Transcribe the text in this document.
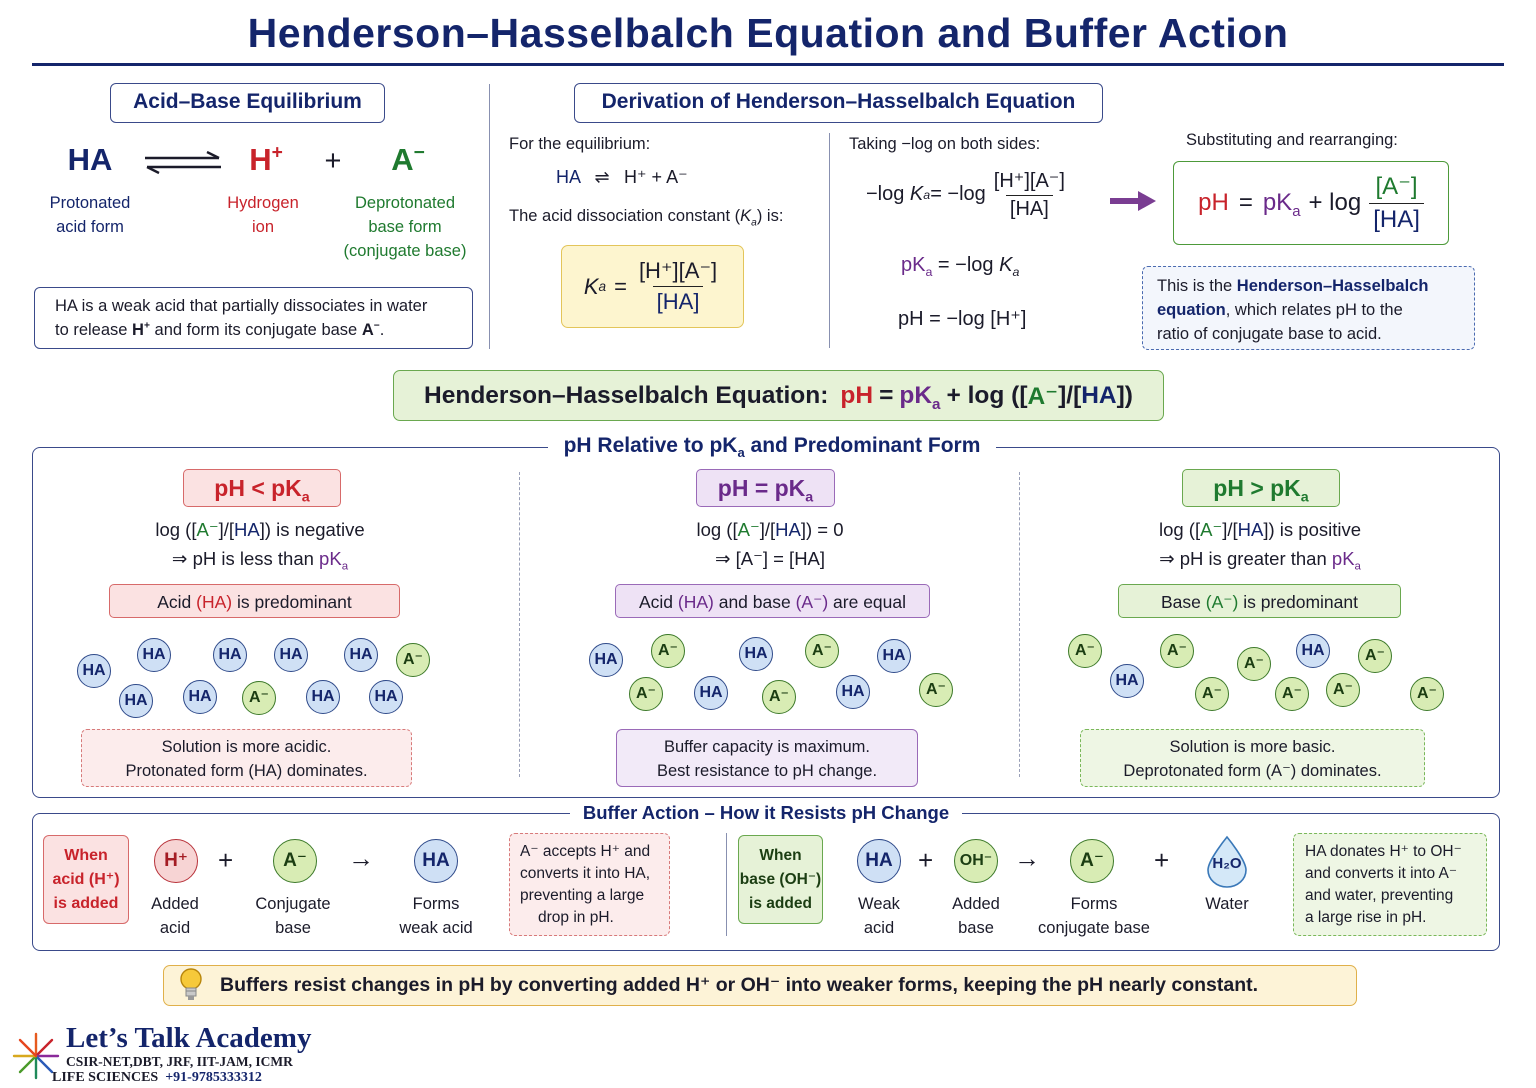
Henderson–Hasselbalch Equation and Buffer Action
Acid–Base Equilibrium
HA	H+	+	A−
Protonated
acid form
Hydrogen
ion
Deprotonated
base form
(conjugate base)
HA is a weak acid that partially dissociates in water
to release H+ and form its conjugate base A−.
Derivation of Henderson–Hasselbalch Equation
For the equilibrium:
HA ⇌ H⁺ + A⁻
The acid dissociation constant $(K_a)$ is:
K $a = \frac{[H^+][A^-]}{[HA]}$
Taking −log on both sides:
−log K $a = -\log \frac{[H^+][A^-]}{[HA]}$
$pK_a = -\log$ $K_a$
pH = −log [H⁺]
Substituting and rearranging:
pH = $pK_a + \log \frac{[A^-]}{[HA]}$
This is the Henderson–Hasselbalch
equation, which relates pH to the
ratio of conjugate base to acid.
Henderson–Hasselbalch Equation: pH = $pK_a + \log$ ([ A⁻ ]/[ HA ])
pH Relative to $pK_a$ and Predominant Form
pH < $pK_a$
log ([A⁻]/[HA]) is negative
⇒ pH is less than $pK_a$
Acid (HA) is predominant
Solution is more acidic.
Protonated form (HA) dominates.
pH = $pK_a$
log ([A⁻]/[HA]) = 0
⇒ [A⁻] = [HA]
Acid (HA) and base (A⁻) are equal
Buffer capacity is maximum.
Best resistance to pH change.
pH > $pK_a$
log ([A⁻]/[HA]) is positive
⇒ pH is greater than $pK_a$
Base (A⁻) is predominant
Solution is more basic.
Deprotonated form (A⁻) dominates.
HA
HA
HA	HA
HA	HA
A⁻	HA
HA
HA
A⁻	HA
A⁻
A⁻	HA
HA
A⁻
A⁻
HA
HA
A⁻
A⁻
HA
A⁻
A⁻
A⁻
A⁻
HA
A⁻
A⁻
A⁻
Buffer Action – How it Resists pH Change
When
acid (H⁺)
is added
H⁺	+	A⁻	→	HA
Added
acid
Conjugate
base
Forms
weak acid
A⁻ accepts H⁺ and
converts it into HA,
preventing a large
drop in pH.
When
base (OH⁻)
is added
HA +	OH⁻ →	A⁻	+	H₂O
Weak
acid
Added
base
Forms
conjugate base
Water
HA donates H⁺ to OH⁻
and converts it into A⁻
and water, preventing
a large rise in pH.
Buffers resist changes in pH by converting added H⁺ or OH⁻ into weaker forms, keeping the pH nearly constant.
Let’s Talk Academy
CSIR-NET,DBT, JRF, IIT-JAM, ICMR
LIFE SCIENCES +91-9785333312
